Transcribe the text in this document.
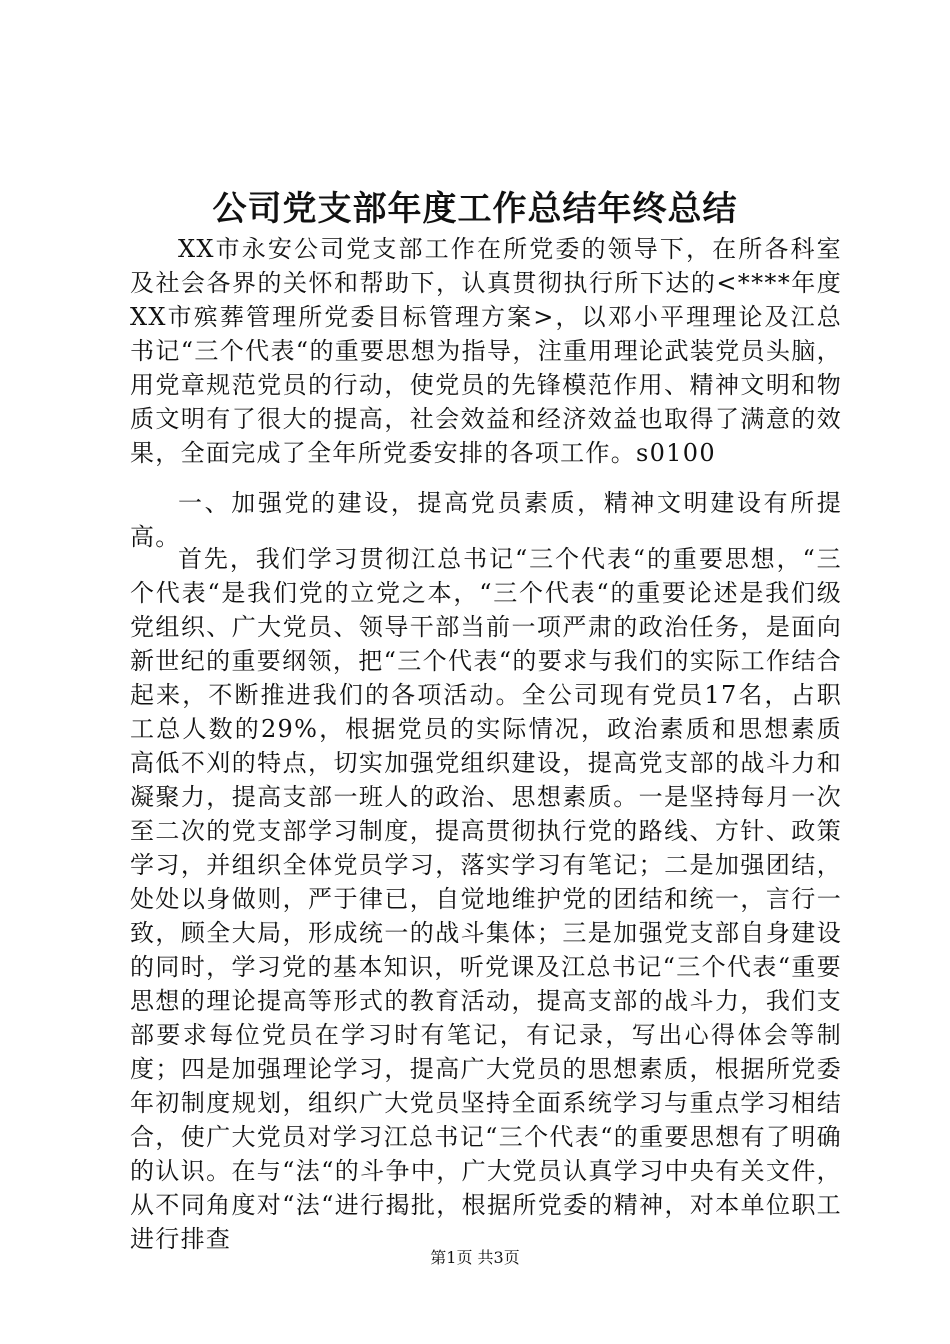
公司党支部年度工作总结年终总结

XX市永安公司党支部工作在所党委的领导下，在所各科室及社会各界的关怀和帮助下，认真贯彻执行所下达的<****年度XX市殡葬管理所党委目标管理方案>，以邓小平理理论及江总书记“三个代表“的重要思想为指导，注重用理论武装党员头脑，用党章规范党员的行动，使党员的先锋模范作用、精神文明和物质文明有了很大的提高，社会效益和经济效益也取得了满意的效果，全面完成了全年所党委安排的各项工作。s0100

一、加强党的建设，提高党员素质，精神文明建设有所提高。

首先，我们学习贯彻江总书记“三个代表“的重要思想，“三个代表“是我们党的立党之本，“三个代表“的重要论述是我们级党组织、广大党员、领导干部当前一项严肃的政治任务，是面向新世纪的重要纲领，把“三个代表“的要求与我们的实际工作结合起来，不断推进我们的各项活动。全公司现有党员17名，占职工总人数的29%，根据党员的实际情况，政治素质和思想素质高低不刈的特点，切实加强党组织建设，提高党支部的战斗力和凝聚力，提高支部一班人的政治、思想素质。一是坚持每月一次至二次的党支部学习制度，提高贯彻执行党的路线、方针、政策学习，并组织全体党员学习，落实学习有笔记；二是加强团结，处处以身做则，严于律已，自觉地维护党的团结和统一，言行一致，顾全大局，形成统一的战斗集体；三是加强党支部自身建设的同时，学习党的基本知识，听党课及江总书记“三个代表“重要思想的理论提高等形式的教育活动，提高支部的战斗力，我们支部要求每位党员在学习时有笔记，有记录，写出心得体会等制度；四是加强理论学习，提高广大党员的思想素质，根据所党委年初制度规划，组织广大党员坚持全面系统学习与重点学习相结合，使广大党员对学习江总书记“三个代表“的重要思想有了明确的认识。在与“法“的斗争中，广大党员认真学习中央有关文件，从不同角度对“法“进行揭批，根据所党委的精神，对本单位职工进行排查

第1页 共3页
